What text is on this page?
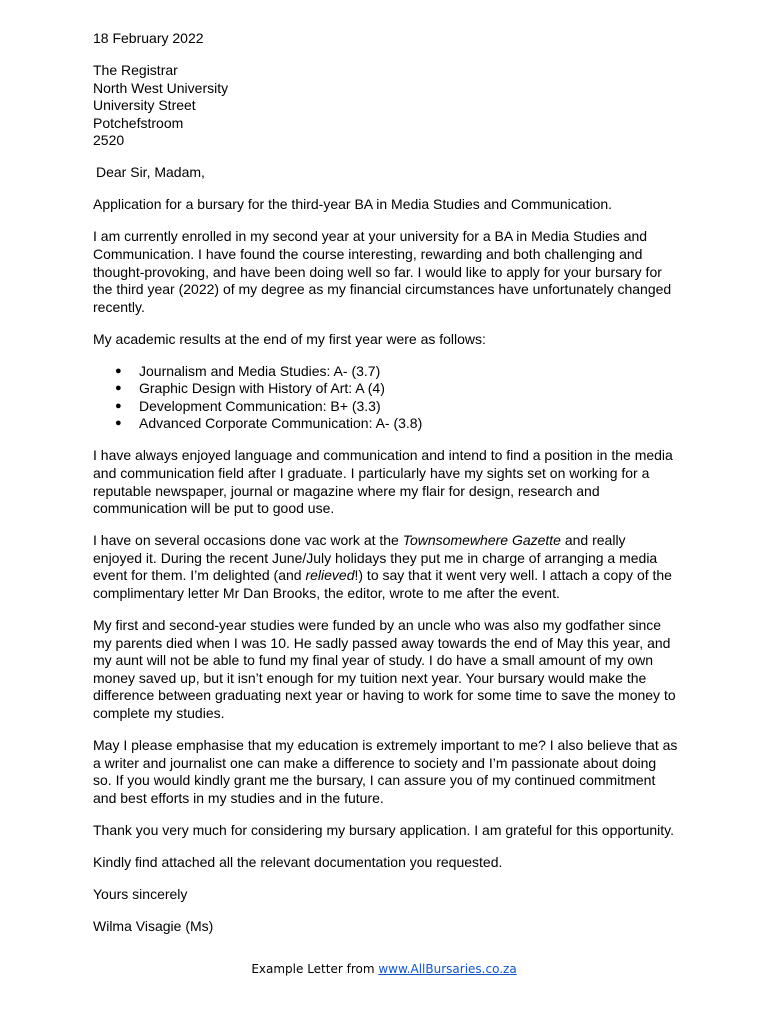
18 February 2022

The Registrar
North West University
University Street
Potchefstroom
2520

Dear Sir, Madam,

Application for a bursary for the third-year BA in Media Studies and Communication.

I am currently enrolled in my second year at your university for a BA in Media Studies and Communication. I have found the course interesting, rewarding and both challenging and thought-provoking, and have been doing well so far. I would like to apply for your bursary for the third year (2022) of my degree as my financial circumstances have unfortunately changed recently.

My academic results at the end of my first year were as follows:

● Journalism and Media Studies: A- (3.7)
● Graphic Design with History of Art: A (4)
● Development Communication: B+ (3.3)
● Advanced Corporate Communication: A- (3.8)

I have always enjoyed language and communication and intend to find a position in the media and communication field after I graduate. I particularly have my sights set on working for a reputable newspaper, journal or magazine where my flair for design, research and communication will be put to good use.

I have on several occasions done vac work at the Townsomewhere Gazette and really enjoyed it. During the recent June/July holidays they put me in charge of arranging a media event for them. I’m delighted (and relieved!) to say that it went very well. I attach a copy of the complimentary letter Mr Dan Brooks, the editor, wrote to me after the event.

My first and second-year studies were funded by an uncle who was also my godfather since my parents died when I was 10. He sadly passed away towards the end of May this year, and my aunt will not be able to fund my final year of study. I do have a small amount of my own money saved up, but it isn’t enough for my tuition next year. Your bursary would make the difference between graduating next year or having to work for some time to save the money to complete my studies.

May I please emphasise that my education is extremely important to me? I also believe that as a writer and journalist one can make a difference to society and I’m passionate about doing so. If you would kindly grant me the bursary, I can assure you of my continued commitment and best efforts in my studies and in the future.

Thank you very much for considering my bursary application. I am grateful for this opportunity.

Kindly find attached all the relevant documentation you requested.

Yours sincerely

Wilma Visagie (Ms)

Example Letter from www.AllBursaries.co.za
